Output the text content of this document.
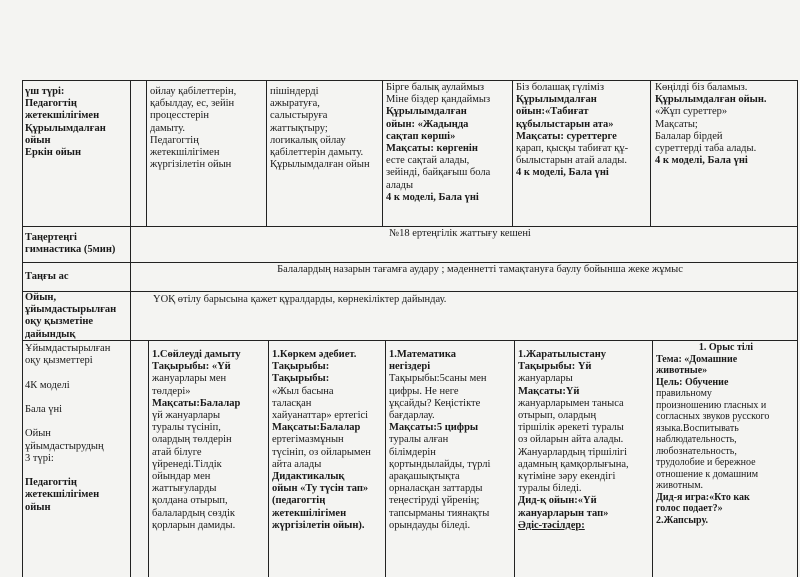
үш түрі:

Педагогтің

жетекшілігімен

Құрылымдалған

ойын

Еркін ойын

ойлау қабілеттерін,

қабылдау, ес, зейін

процесстерін

дамыту.

Педагогтің

жетекшілігімен

жүргізілетін ойын

пішіндерді

ажыратуға,

салыстыруға

жаттықтыру;

логикалық ойлау

қабілеттерін дамыту.

Құрылымдалған ойын

Бірге балық аулаймыз

Міне біздер қандаймыз

Құрылымдалған

ойын: «Жадыңда

сақтап көрші»

Мақсаты: көргенін

есте сақтай алады,

зейінді, байқағыш бола

алады

4 к моделі, Бала үні

Біз болашақ гүліміз

Құрылымдалған

ойын:«Табиғат

құбылыстарын ата»

Мақсаты: суреттерге

қарап, қысқы табиғат құ-

былыстарын атай алады.

4 к моделі, Бала үні

Көңілді біз баламыз.

Құрылымдалған ойын.

«Жұп суреттер»

Мақсаты;

Балалар бірдей

суреттерді таба алады.

4 к моделі, Бала үні

Таңертеңгі

гимнастика (5мин)

№18 ертеңгілік жаттығу кешені

Таңғы ас

Балалардың назарын тағамға аудару ; мәденнетті тамақтануға баулу бойынша жеке жұмыс

Ойын,

ұйымдастырылған

оқу қызметіне

дайындық

ҮОҚ өтілу барысына қажет құралдарды, көрнекіліктер дайындау.

Ұйымдастырылған

оқу қызметтері

4К моделі

Бала үні

Ойын

ұйымдастырудың

3 түрі:

Педагогтің

жетекшілігімен

ойын

1.Сөйлеуді дамыту

Тақырыбы: «Үй

жануарлары мен

төлдері»

Мақсаты:Балалар

үй жануарлары

туралы түсініп,

олардың төлдерін

атай білуге

үйренеді.Тілдік

ойындар мен

жаттығуларды

қолдана отырып,

балалардың сөздік

қорларын дамиды.

1.Көркем әдебиет.

Тақырыбы:

Тақырыбы:

«Жыл басына

таласқан

хайуанаттар» ертегісі

Мақсаты:Балалар

ертегімазмұнын

түсініп, оз ойларымен

айта алады

Дидактикалық

ойын «Ту түсін тап»

(педагогтің

жетекшілігімен

жүргізілетін ойын).

1.Математика

негіздері

Тақырыбы:5саны мен

цифры. Не неге

ұқсайды? Кеңістікте

бағдарлау.

Мақсаты:5 цифры

туралы алған

білімдерін

қортындылайды, түрлі

арақашықтықта

орналасқан заттарды

теңестіруді үйренің;

тапсырманы тиянақты

орындауды біледі.

1.Жаратылыстану

Тақырыбы: Үй

жануарлары

Мақсаты:Үй

жануарларымен таныса

отырып, олардың

тіршілік әрекеті туралы

оз ойларын айта алады.

Жануарлардың тіршілігі

адамның қамқорлығына,

күтіміне зәру екендігі

туралы біледі.

Дид-қ ойын:«Үй

жануарларын тап»

Әдіс-тәсілдер:

1. Орыс тілі

Тема: «Домашние

животные»

Цель: Обучение

правильному

произношению гласных и

согласных звуков русского

языка.Воспитывать

наблюдательность,

любознательность,

трудолобие и бережное

отношение к домашним

животным.

Дид-я игра:«Кто как

голос подает?»

2.Жапсыру.
